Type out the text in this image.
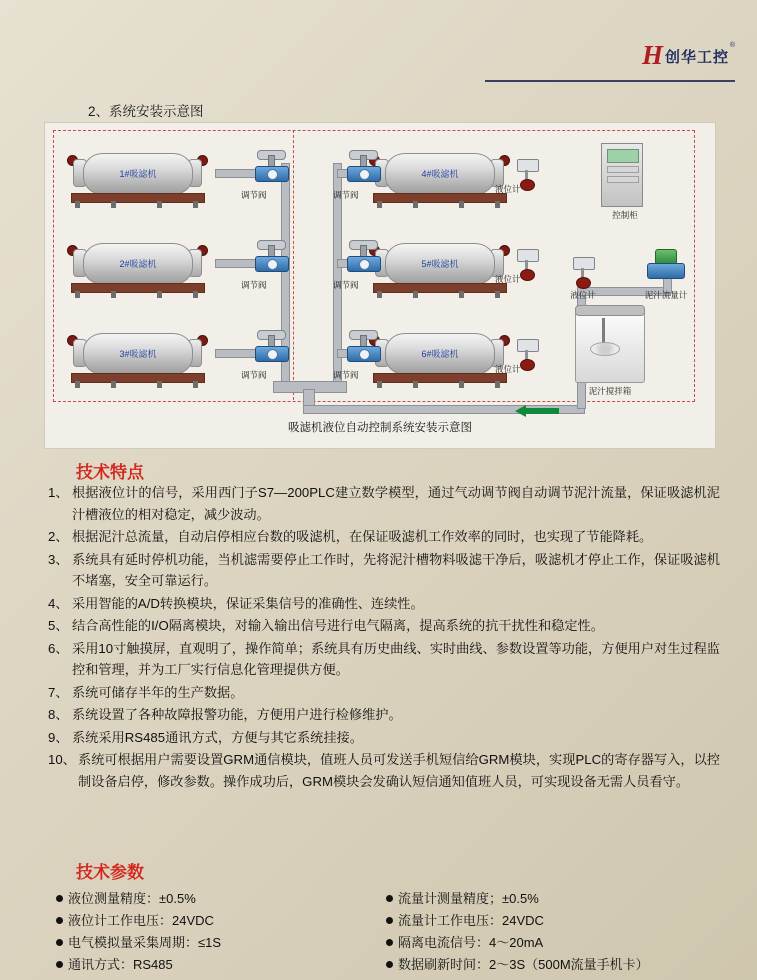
H 创华工控
®
2、系统安装示意图
1#吸滤机
2#吸滤机
3#吸滤机
4#吸滤机
5#吸滤机
6#吸滤机
调节阀
调节阀
调节阀
调节阀
调节阀
调节阀
液位计
液位计
液位计
控制柜
液位计	泥汁流量计
泥汁搅拌箱
吸滤机液位自动控制系统安装示意图
技术特点
1、 根据液位计的信号，采用西门子S7—200PLC建立数学模型，通过气动调节阀自动调节泥汁流量，保证吸滤机泥汁槽液位的相对稳定，减少波动。
2、 根据泥汁总流量，自动启停相应台数的吸滤机，在保证吸滤机工作效率的同时，也实现了节能降耗。
3、 系统具有延时停机功能，当机滤需要停止工作时，先将泥汁槽物料吸滤干净后，吸滤机才停止工作，保证吸滤机不堵塞，安全可靠运行。
4、 采用智能的A/D转换模块，保证采集信号的准确性、连续性。
5、 结合高性能的I/O隔离模块，对输入输出信号进行电气隔离，提高系统的抗干扰性和稳定性。
6、 采用10寸触摸屏，直观明了，操作简单；系统具有历史曲线、实时曲线、参数设置等功能，方便用户对生过程监控和管理，并为工厂实行信息化管理提供方便。
7、 系统可储存半年的生产数据。
8、 系统设置了各种故障报警功能，方便用户进行检修维护。
9、 系统采用RS485通讯方式，方便与其它系统挂接。
10、 系统可根据用户需要设置GRM通信模块，值班人员可发送手机短信给GRM模块，实现PLC的寄存器写入，以控制设备启停，修改参数。操作成功后，GRM模块会发确认短信通知值班人员，可实现设备无需人员看守。
技术参数
液位测量精度：±0.5%	流量计测量精度；±0.5%
液位计工作电压：24VDC	流量计工作电压：24VDC
电气模拟量采集周期：≤1S	隔离电流信号：4～20mA
通讯方式：RS485	数据刷新时间：2～3S（500M流量手机卡）
